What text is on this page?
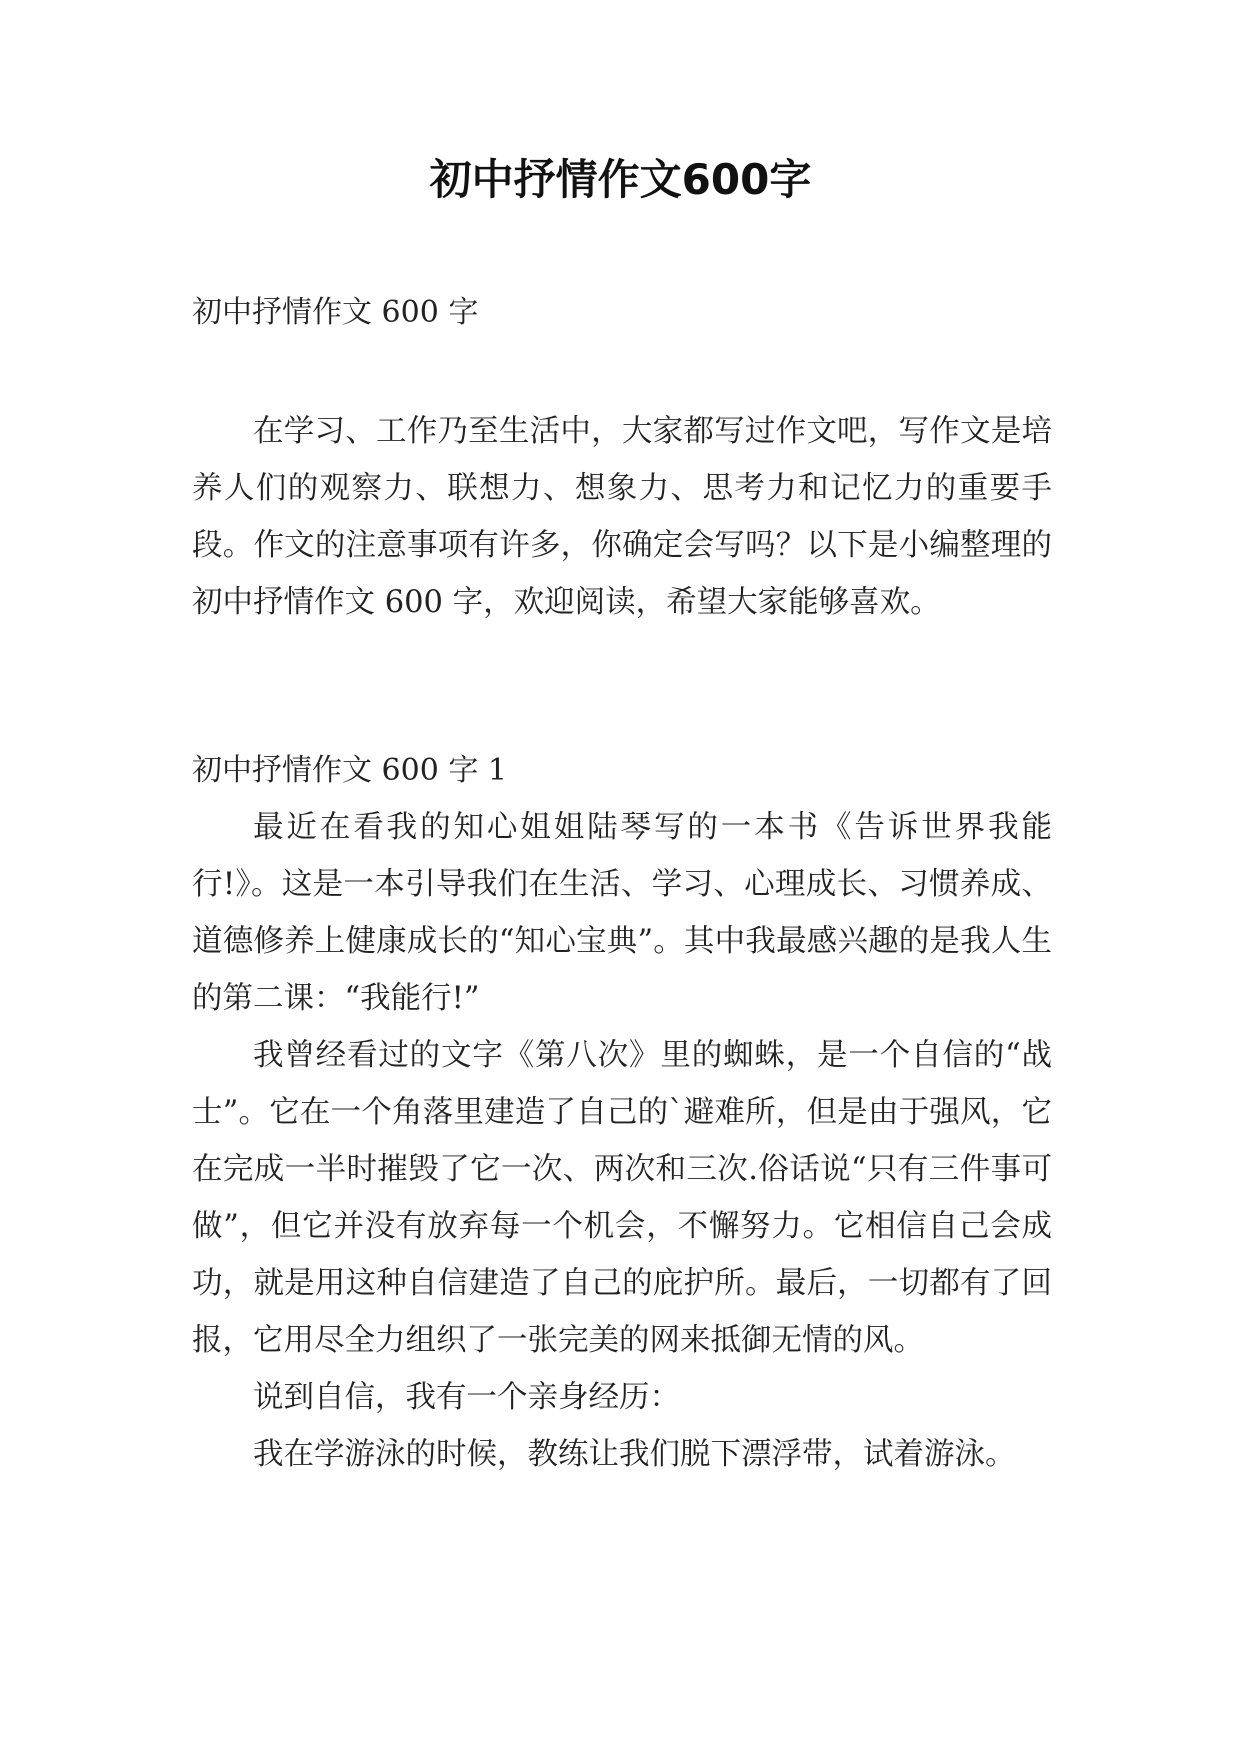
初中抒情作文600字
初中抒情作文 600 字

在学习、工作乃至生活中，大家都写过作文吧，写作文是培养人们的观察力、联想力、想象力、思考力和记忆力的重要手段。作文的注意事项有许多，你确定会写吗？以下是小编整理的初中抒情作文 600 字，欢迎阅读，希望大家能够喜欢。

初中抒情作文 600 字 1

最近在看我的知心姐姐陆琴写的一本书《告诉世界我能行!》。这是一本引导我们在生活、学习、心理成长、习惯养成、道德修养上健康成长的“知心宝典”。其中我最感兴趣的是我人生的第二课：“我能行!”

我曾经看过的文字《第八次》里的蜘蛛，是一个自信的“战士”。它在一个角落里建造了自己的`避难所，但是由于强风，它在完成一半时摧毁了它一次、两次和三次.俗话说“只有三件事可做”，但它并没有放弃每一个机会，不懈努力。它相信自己会成功，就是用这种自信建造了自己的庇护所。最后，一切都有了回报，它用尽全力组织了一张完美的网来抵御无情的风。

说到自信，我有一个亲身经历：

我在学游泳的时候，教练让我们脱下漂浮带，试着游泳。
